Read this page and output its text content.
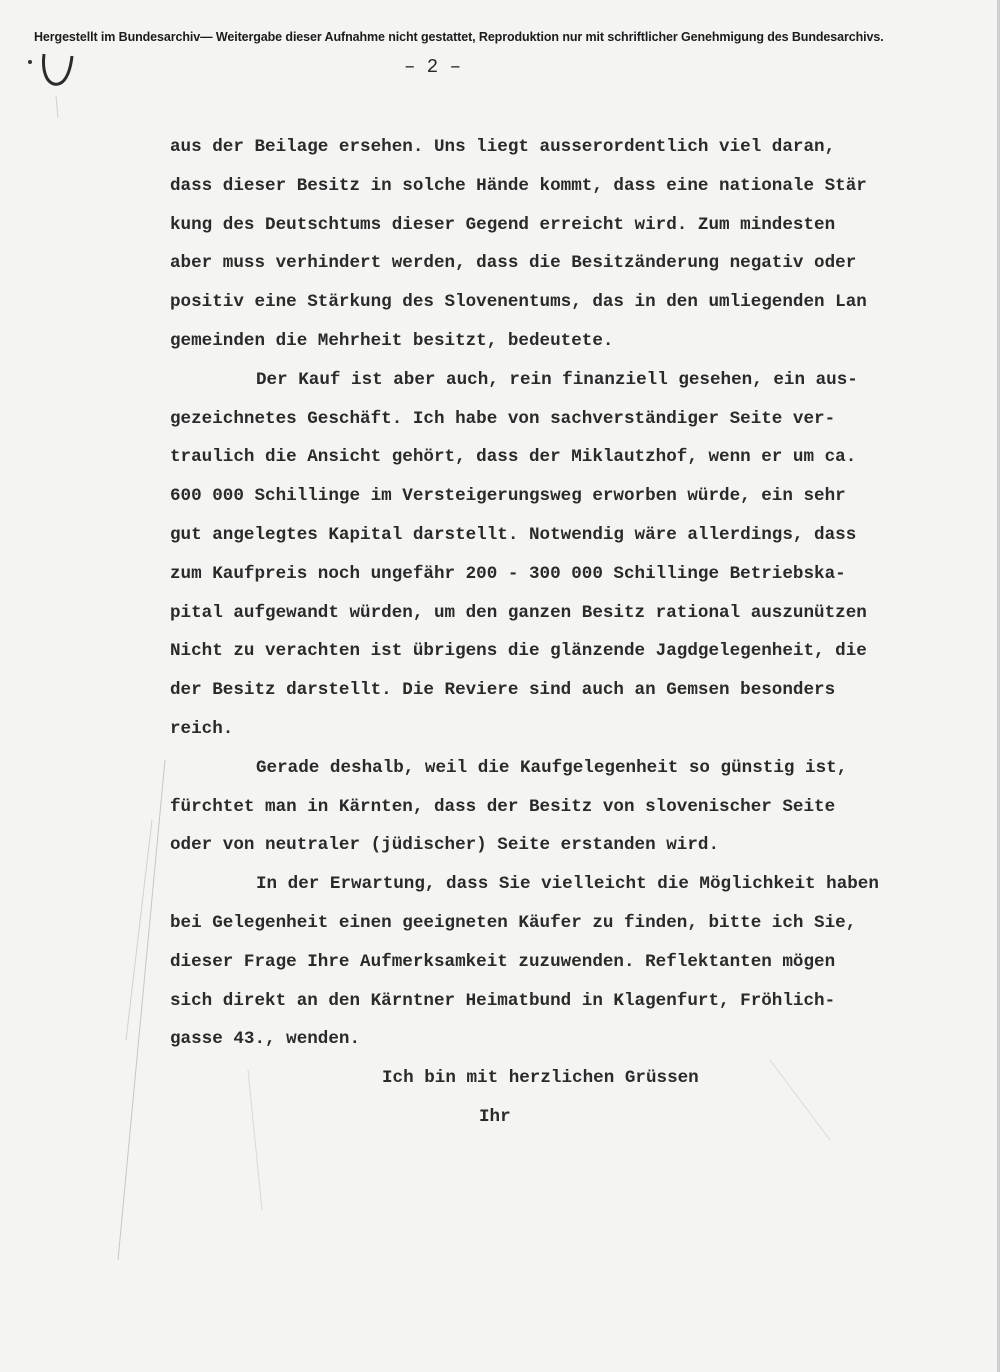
Hergestellt im Bundesarchiv— Weitergabe dieser Aufnahme nicht gestattet, Reproduktion nur mit schriftlicher Genehmigung des Bundesarchivs.
– 2 –
aus der Beilage ersehen. Uns liegt ausserordentlich viel daran,
dass dieser Besitz in solche Hände kommt, dass eine nationale Stär
kung des Deutschtums dieser Gegend erreicht wird. Zum mindesten
aber muss verhindert werden, dass die Besitzänderung negativ oder
positiv eine Stärkung des Slovenentums, das in den umliegenden Lan
gemeinden die Mehrheit besitzt, bedeutete.
Der Kauf ist aber auch, rein finanziell gesehen, ein aus-
gezeichnetes Geschäft. Ich habe von sachverständiger Seite ver-
traulich die Ansicht gehört, dass der Miklautzhof, wenn er um ca.
600 000 Schillinge im Versteigerungsweg erworben würde, ein sehr
gut angelegtes Kapital darstellt. Notwendig wäre allerdings, dass
zum Kaufpreis noch ungefähr 200 - 300 000 Schillinge Betriebska-
pital aufgewandt würden, um den ganzen Besitz rational auszunützen
Nicht zu verachten ist übrigens die glänzende Jagdgelegenheit, die
der Besitz darstellt. Die Reviere sind auch an Gemsen besonders
reich.
Gerade deshalb, weil die Kaufgelegenheit so günstig ist,
fürchtet man in Kärnten, dass der Besitz von slovenischer Seite
oder von neutraler (jüdischer) Seite erstanden wird.
In der Erwartung, dass Sie vielleicht die Möglichkeit haben
bei Gelegenheit einen geeigneten Käufer zu finden, bitte ich Sie,
dieser Frage Ihre Aufmerksamkeit zuzuwenden. Reflektanten mögen
sich direkt an den Kärntner Heimatbund in Klagenfurt, Fröhlich-
gasse 43., wenden.
Ich bin mit herzlichen Grüssen
Ihr
